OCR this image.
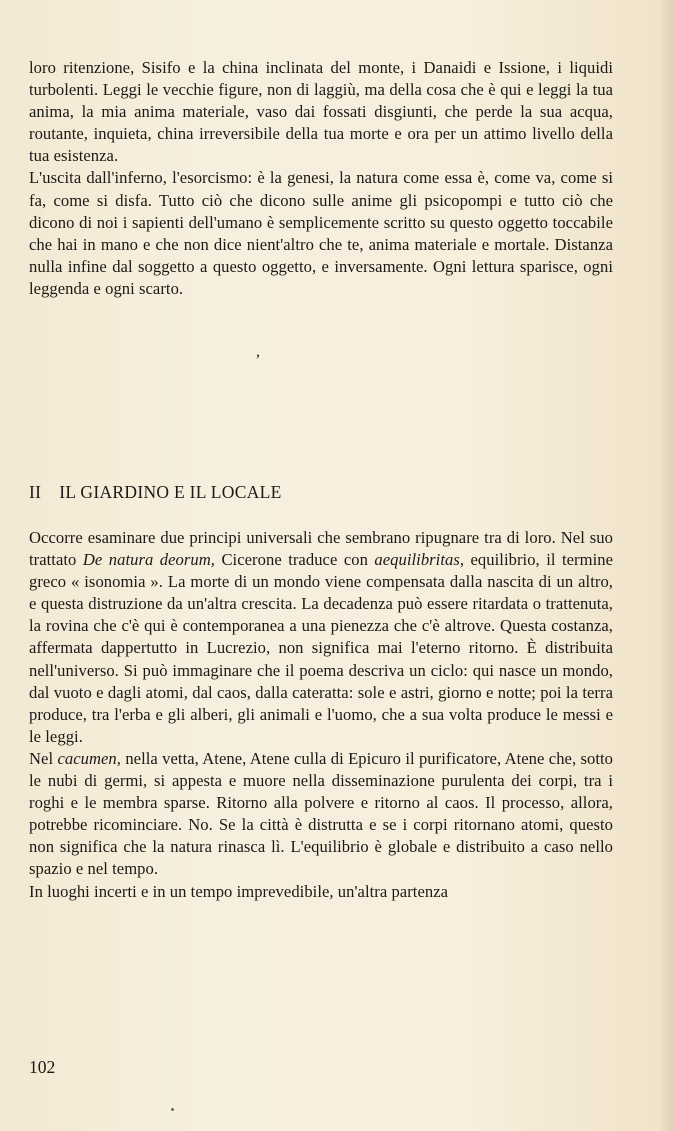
loro ritenzione, Sisifo e la china inclinata del monte, i Danaidi e Issione, i liquidi turbolenti. Leggi le vecchie figure, non di laggiù, ma della cosa che è qui e leggi la tua anima, la mia anima materiale, vaso dai fossati disgiunti, che perde la sua acqua, routante, inquieta, china irreversibile della tua morte e ora per un attimo livello della tua esistenza.

L'uscita dall'inferno, l'esorcismo: è la genesi, la natura come essa è, come va, come si fa, come si disfa. Tutto ciò che dicono sulle anime gli psicopompi e tutto ciò che dicono di noi i sapienti dell'umano è semplicemente scritto su questo oggetto toccabile che hai in mano e che non dice nient'altro che te, anima materiale e mortale. Distanza nulla infine dal soggetto a questo oggetto, e inversamente. Ogni lettura sparisce, ogni leggenda e ogni scarto.

,
II IL GIARDINO E IL LOCALE

Occorre esaminare due principi universali che sembrano ripugnare tra di loro. Nel suo trattato De natura deorum, Cicerone traduce con aequilibritas, equilibrio, il termine greco « isonomia ». La morte di un mondo viene compensata dalla nascita di un altro, e questa distruzione da un'altra crescita. La decadenza può essere ritardata o trattenuta, la rovina che c'è qui è contemporanea a una pienezza che c'è altrove. Questa costanza, affermata dappertutto in Lucrezio, non significa mai l'eterno ritorno. È distribuita nell'universo. Si può immaginare che il poema descriva un ciclo: qui nasce un mondo, dal vuoto e dagli atomi, dal caos, dalla cateratta: sole e astri, giorno e notte; poi la terra produce, tra l'erba e gli alberi, gli animali e l'uomo, che a sua volta produce le messi e le leggi.

Nel cacumen, nella vetta, Atene, Atene culla di Epicuro il purificatore, Atene che, sotto le nubi di germi, si appesta e muore nella disseminazione purulenta dei corpi, tra i roghi e le membra sparse. Ritorno alla polvere e ritorno al caos. Il processo, allora, potrebbe ricominciare. No. Se la città è distrutta e se i corpi ritornano atomi, questo non significa che la natura rinasca lì. L'equilibrio è globale e distribuito a caso nello spazio e nel tempo.

In luoghi incerti e in un tempo imprevedibile, un'altra partenza

102
